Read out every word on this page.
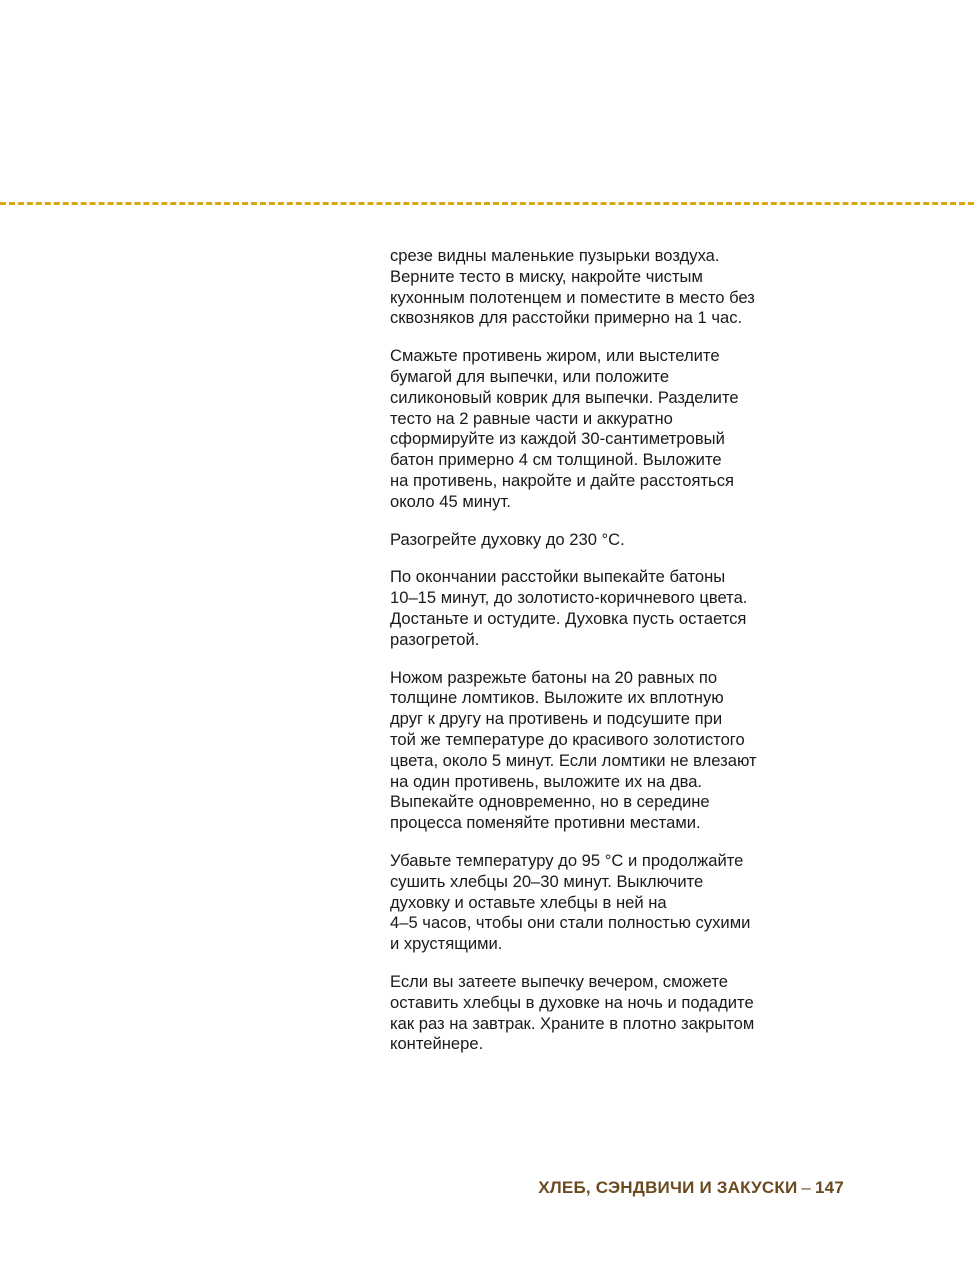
срезе видны маленькие пузырьки воздуха.
Верните тесто в миску, накройте чистым
кухонным полотенцем и поместите в место без
сквозняков для расстойки примерно на 1 час.

Смажьте противень жиром, или выстелите
бумагой для выпечки, или положите
силиконовый коврик для выпечки. Разделите
тесто на 2 равные части и аккуратно
сформируйте из каждой 30-сантиметровый
батон примерно 4 см толщиной. Выложите
на противень, накройте и дайте расстояться
около 45 минут.

Разогрейте духовку до 230 °C.

По окончании расстойки выпекайте батоны
10–15 минут, до золотисто-коричневого цвета.
Достаньте и остудите. Духовка пусть остается
разогретой.

Ножом разрежьте батоны на 20 равных по
толщине ломтиков. Выложите их вплотную
друг к другу на противень и подсушите при
той же температуре до красивого золотистого
цвета, около 5 минут. Если ломтики не влезают
на один противень, выложите их на два.
Выпекайте одновременно, но в середине
процесса поменяйте противни местами.

Убавьте температуру до 95 °C и продолжайте
сушить хлебцы 20–30 минут. Выключите
духовку и оставьте хлебцы в ней на
4–5 часов, чтобы они стали полностью сухими
и хрустящими.

Если вы затеете выпечку вечером, сможете
оставить хлебцы в духовке на ночь и подадите
как раз на завтрак. Храните в плотно закрытом
контейнере.

ХЛЕБ, СЭНДВИЧИ И ЗАКУСКИ – 147
